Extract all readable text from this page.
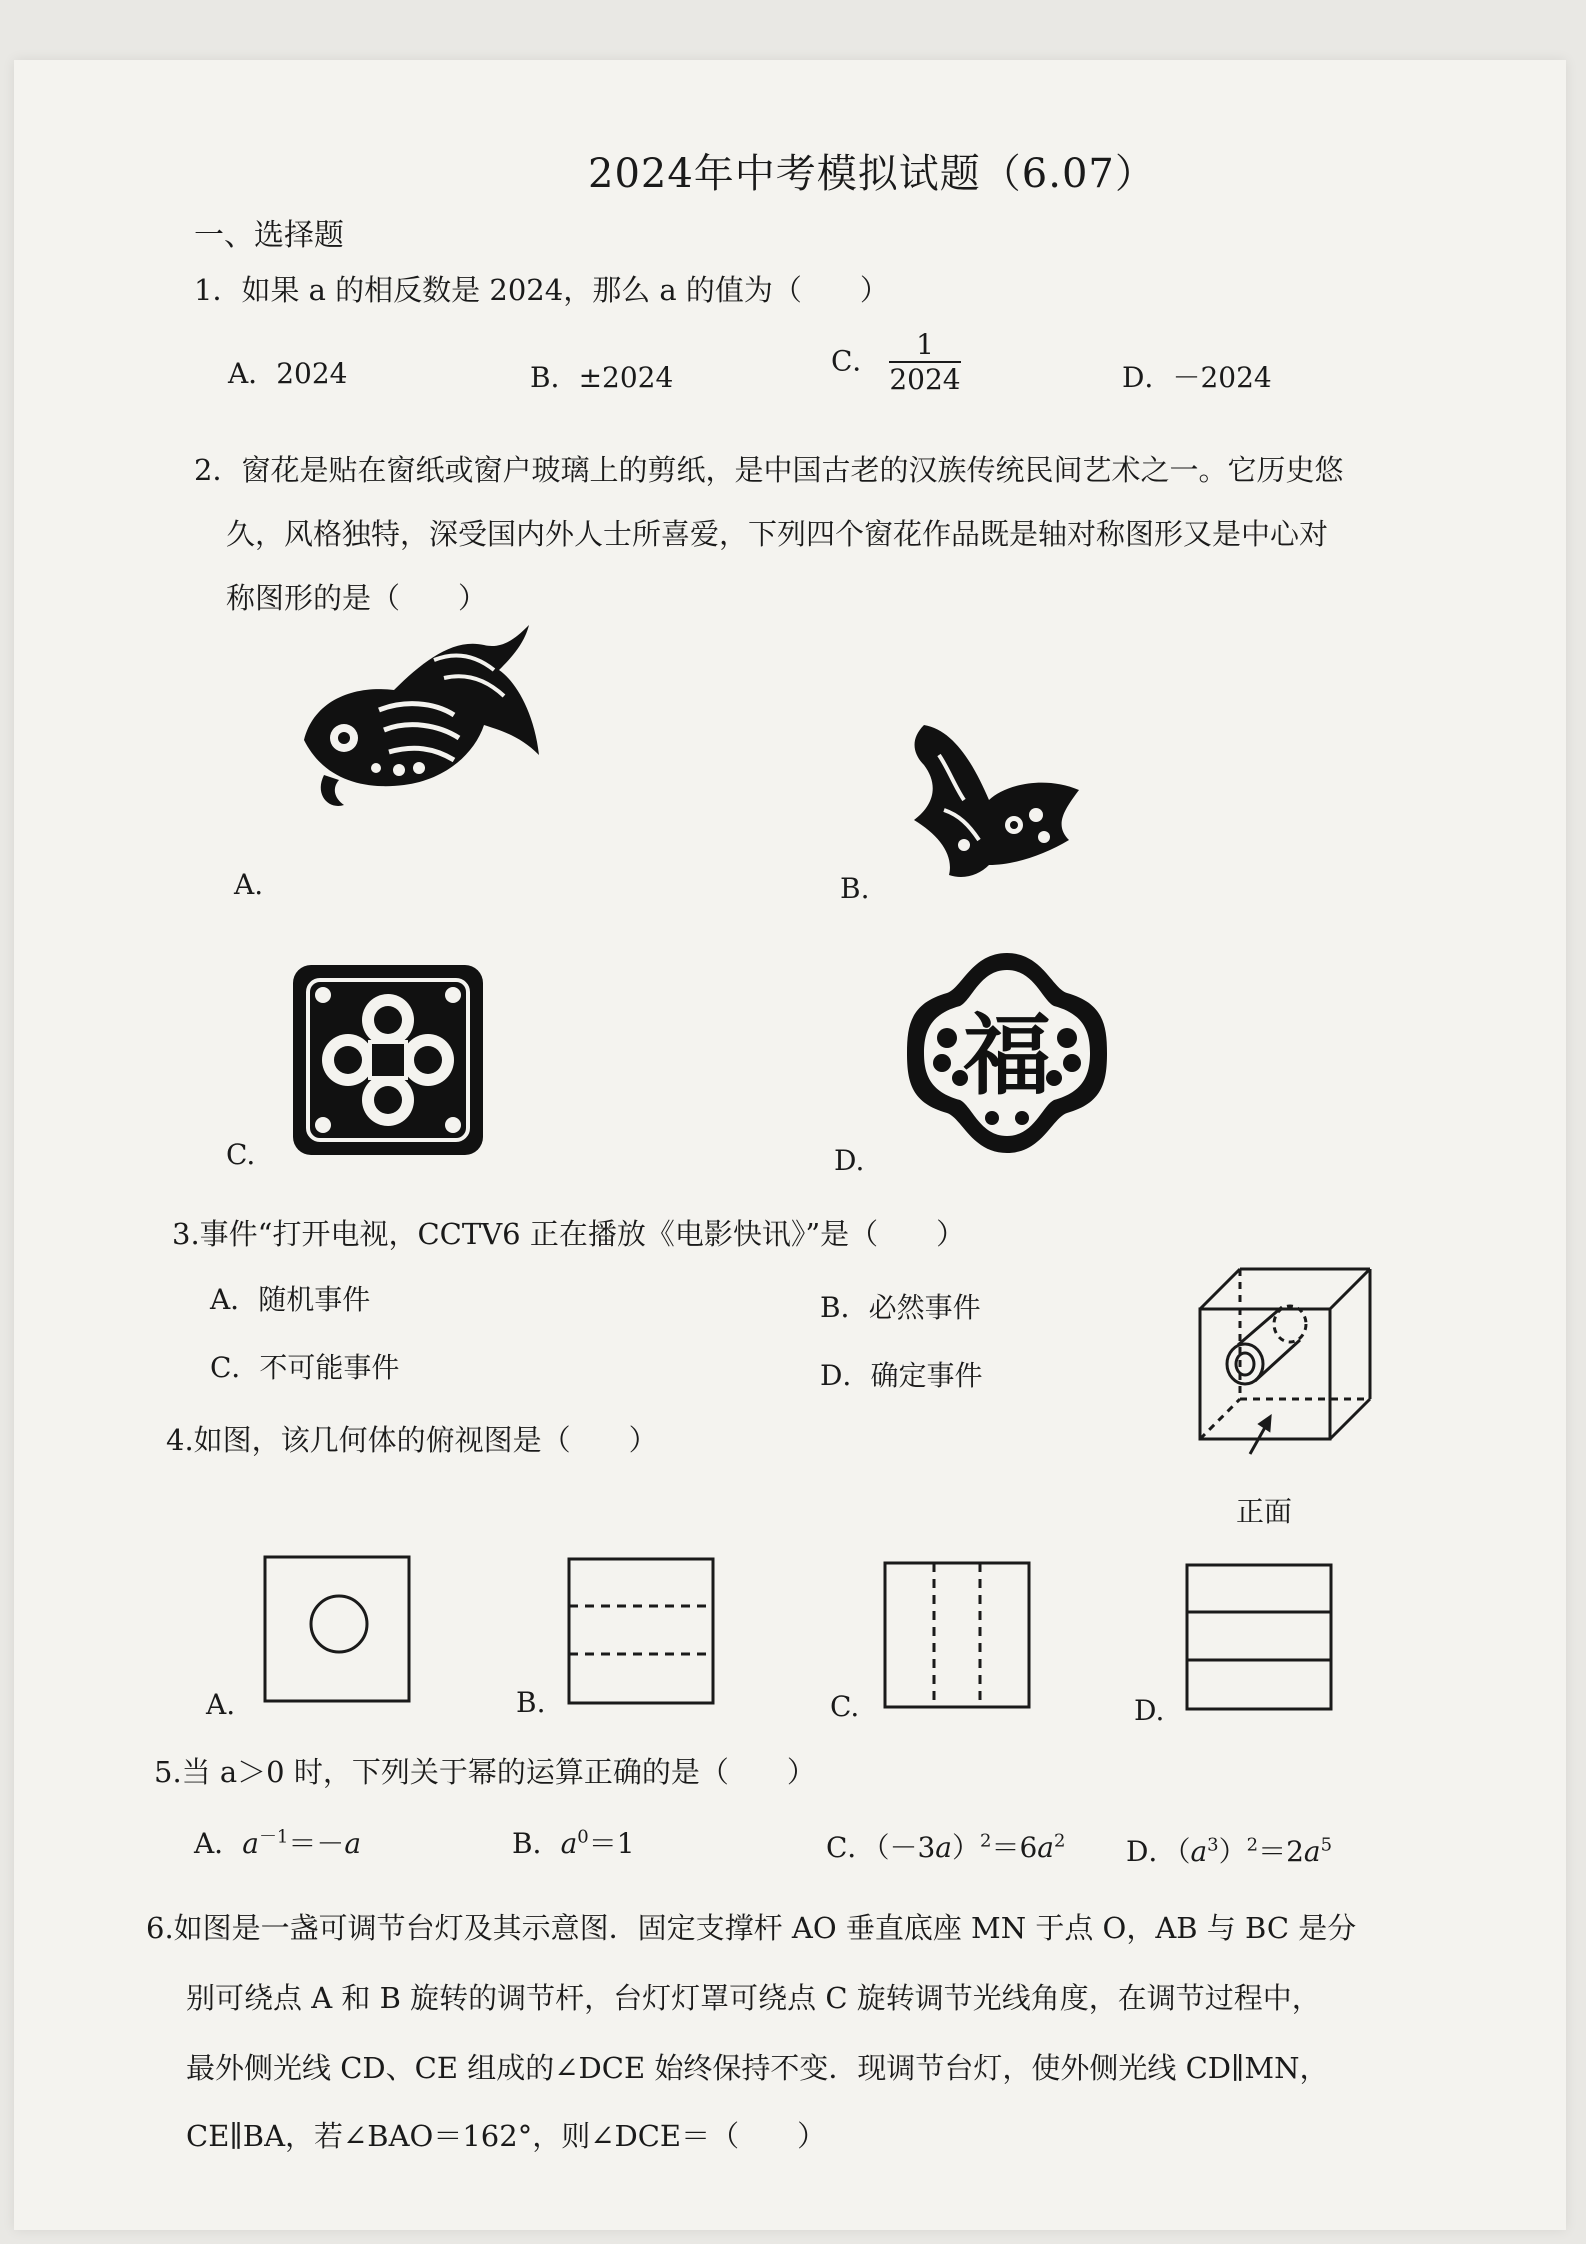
2024年中考模拟试题（6.07）
一、选择题
1．如果 a 的相反数是 2024，那么 a 的值为（　　）
A．2024	B．±2024
C． $\frac{1}{2024}$	D．－2024
2．窗花是贴在窗纸或窗户玻璃上的剪纸，是中国古老的汉族传统民间艺术之一。它历史悠
久，风格独特，深受国内外人士所喜爱，下列四个窗花作品既是轴对称图形又是中心对
称图形的是（　　）
A.	B.
C.
福
D.
3.事件“打开电视，CCTV6 正在播放《电影快讯》”是（　　）
A．随机事件	B．必然事件
C．不可能事件	D．确定事件
4.如图，该几何体的俯视图是（　　）
正面
A.	B.	C.	D.
5.当 a＞0 时，下列关于幂的运算正确的是（　　）
A．$a^{-1}=-a$	B．$a^0=1$	C．$(-3a)^2=6a^2$ D．$(a^3)^2=2a^5$
6.如图是一盏可调节台灯及其示意图．固定支撑杆 AO 垂直底座 MN 于点 O，AB 与 BC 是分
别可绕点 A 和 B 旋转的调节杆，台灯灯罩可绕点 C 旋转调节光线角度，在调节过程中，
最外侧光线 CD、CE 组成的∠DCE 始终保持不变．现调节台灯，使外侧光线 CD∥MN，
CE∥BA，若∠BAO＝162°，则∠DCE＝（　　）
